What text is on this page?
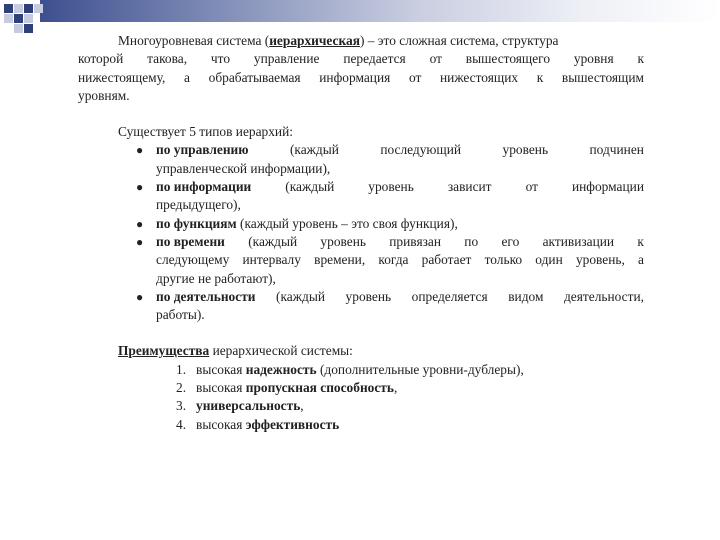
Многоуровневая система (иерархическая) – это сложная система, структура
которой такова, что управление передается от вышестоящего уровня к
нижестоящему, а обрабатываемая информация от нижестоящих к вышестоящим
уровням.
Существует 5 типов иерархий:
● по управлению	(каждый	последующий	уровень	подчинен
управленческой информации),
● по информации	(каждый	уровень	зависит	от	информации
предыдущего),
● по функциям (каждый уровень – это своя функция),
● по времени (каждый уровень привязан по его активизации к
следующему интервалу времени, когда работает только один уровень, а
другие не работают),
● по деятельности (каждый уровень определяется видом деятельности,
работы).
Преимущества иерархической системы:
1. высокая надежность (дополнительные уровни-дублеры),
2. высокая пропускная способность,
3. универсальность,
4. высокая эффективность
